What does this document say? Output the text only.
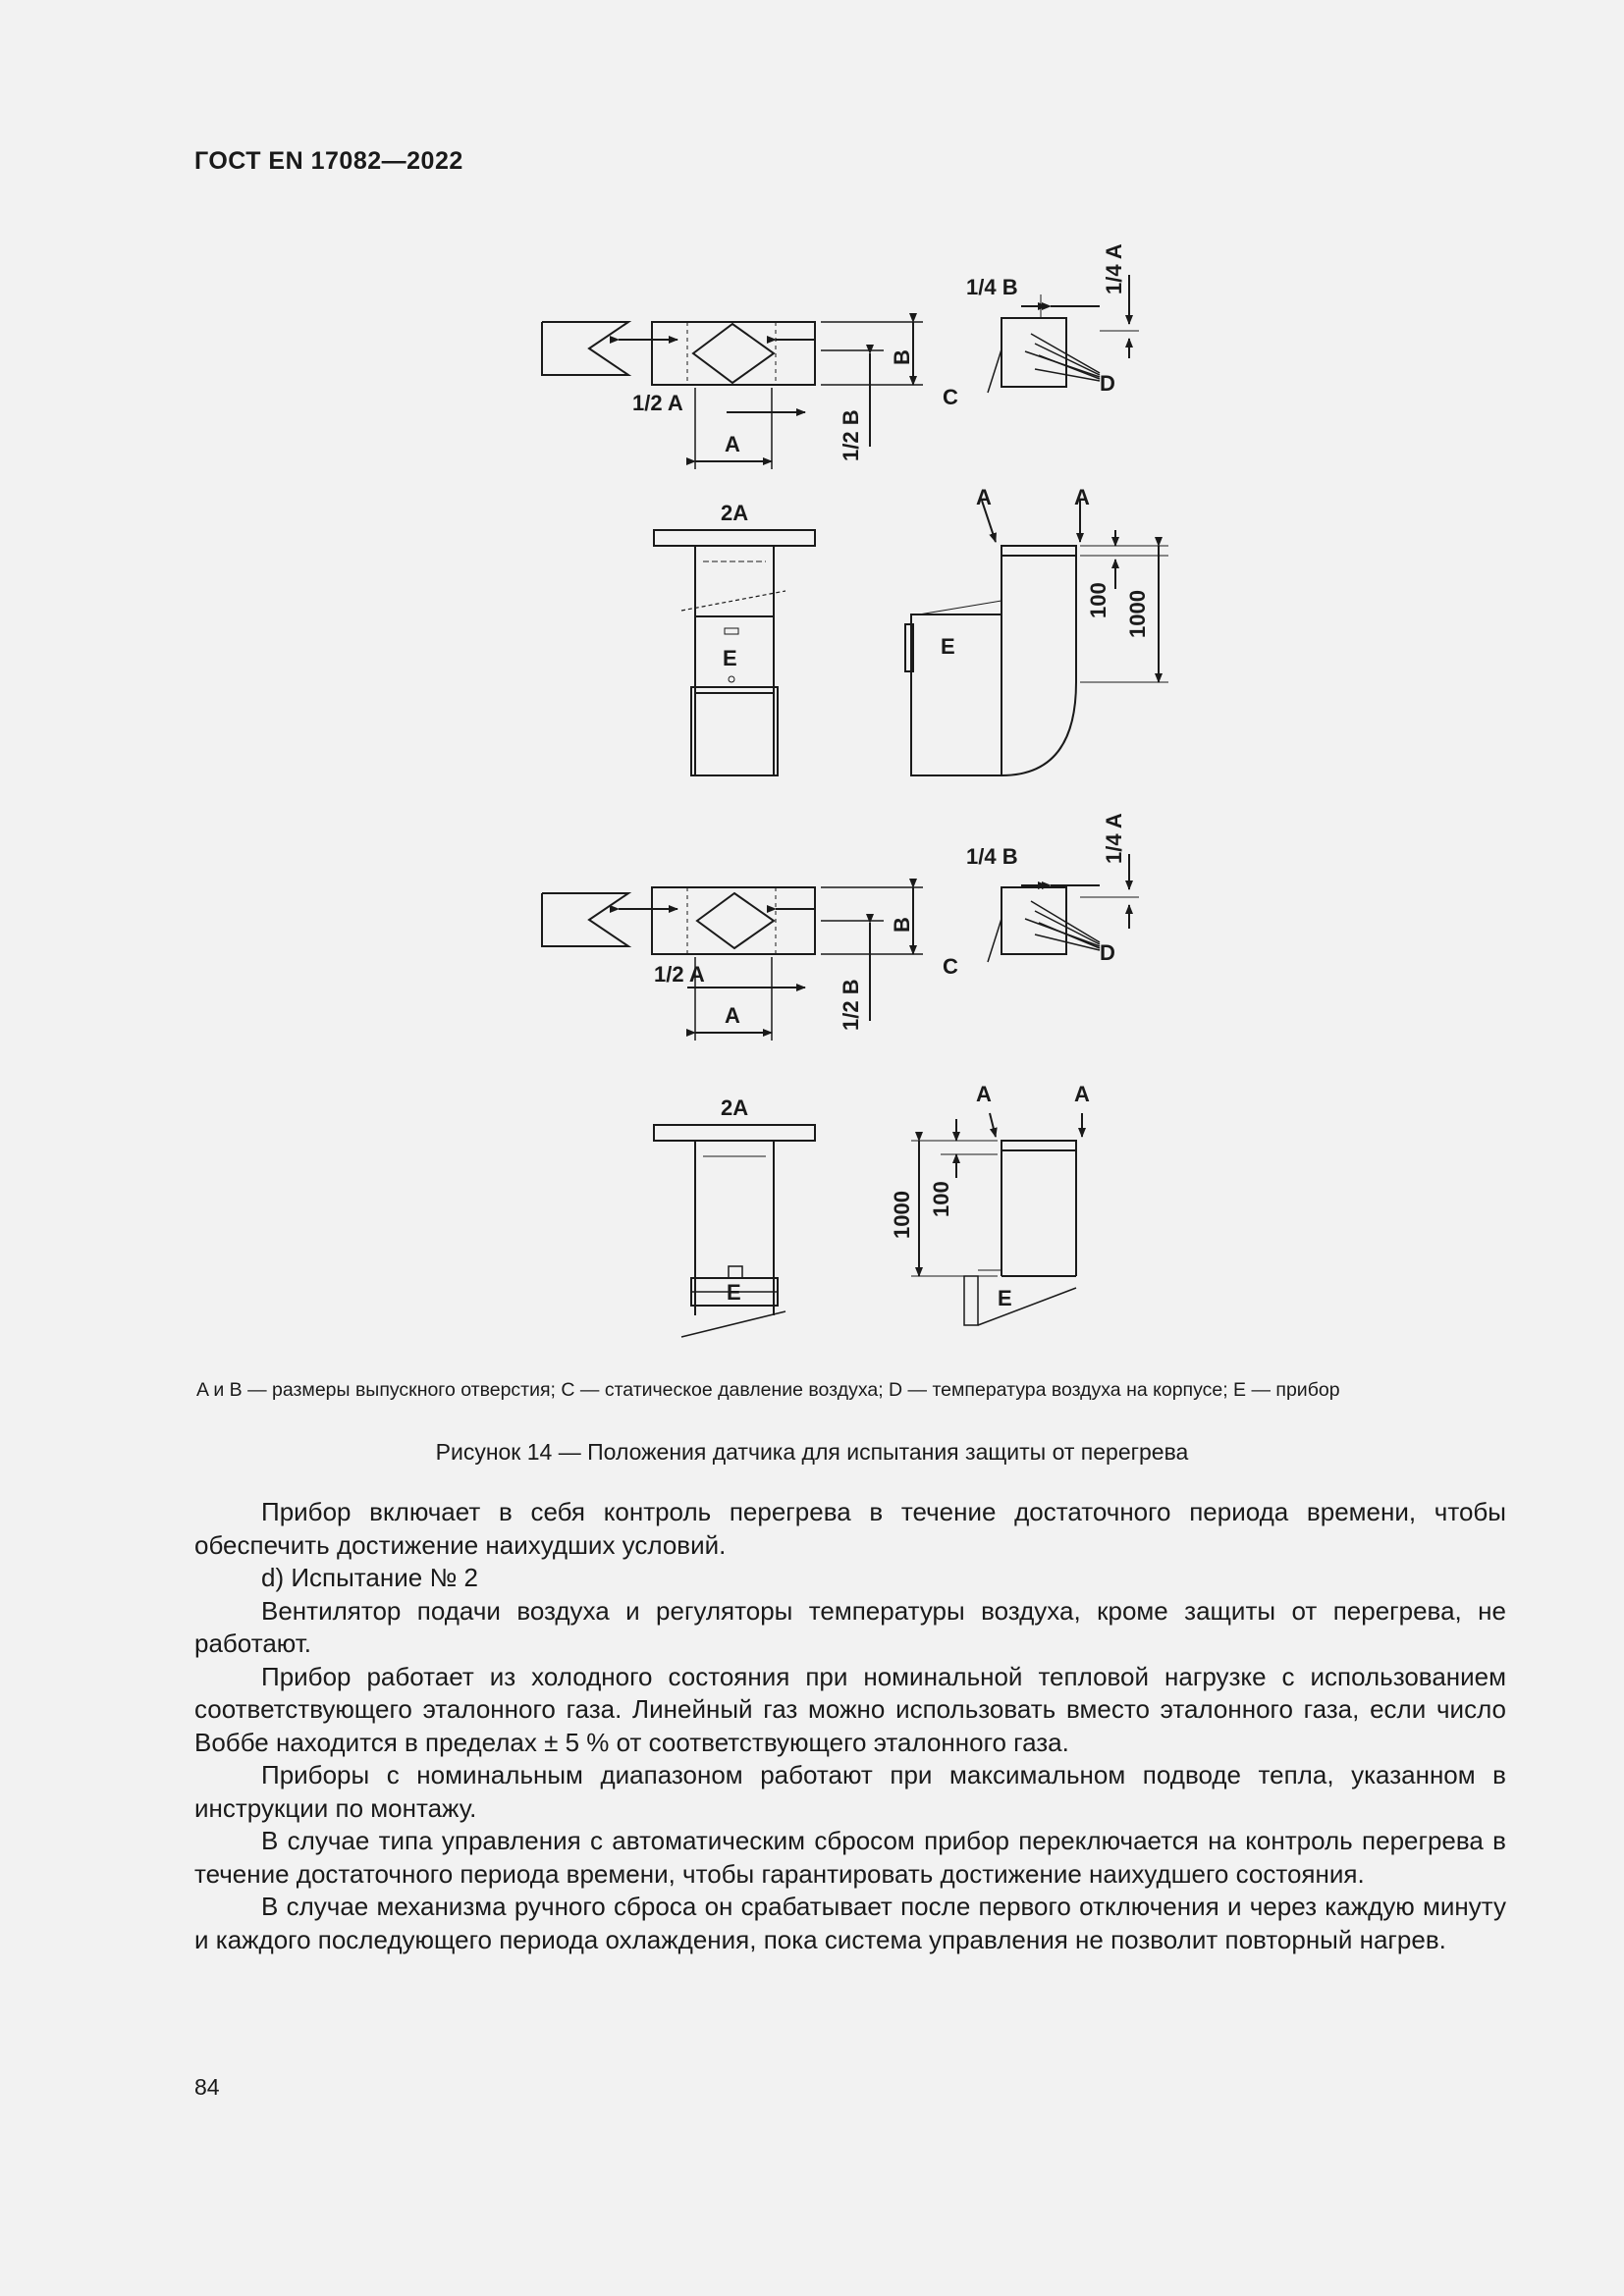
ГОСТ EN 17082—2022
1/4 B	1/4 A
B
C
D
1/2 A
1/2 B
A
2A
E
A	A
E
100 1000
1/4 B	1/4 A
B
C
D
1/2 A
1/2 B
A
2A
E
A	A
E
100
1000
A и B — размеры выпускного отверстия; C — статическое давление воздуха; D — температура воздуха на корпусе; E — прибор
Рисунок 14 — Положения датчика для испытания защиты от перегрева

Прибор включает в себя контроль перегрева в течение достаточного периода времени, чтобы обеспечить достижение наихудших условий.

d) Испытание № 2

Вентилятор подачи воздуха и регуляторы температуры воздуха, кроме защиты от перегрева, не работают.

Прибор работает из холодного состояния при номинальной тепловой нагрузке с использованием соответствующего эталонного газа. Линейный газ можно использовать вместо эталонного газа, если число Воббе находится в пределах ± 5 % от соответствующего эталонного газа.

Приборы с номинальным диапазоном работают при максимальном подводе тепла, указанном в инструкции по монтажу.

В случае типа управления с автоматическим сбросом прибор переключается на контроль перегрева в течение достаточного периода времени, чтобы гарантировать достижение наихудшего состояния.

В случае механизма ручного сброса он срабатывает после первого отключения и через каждую минуту и каждого последующего периода охлаждения, пока система управления не позволит повторный нагрев.

84
